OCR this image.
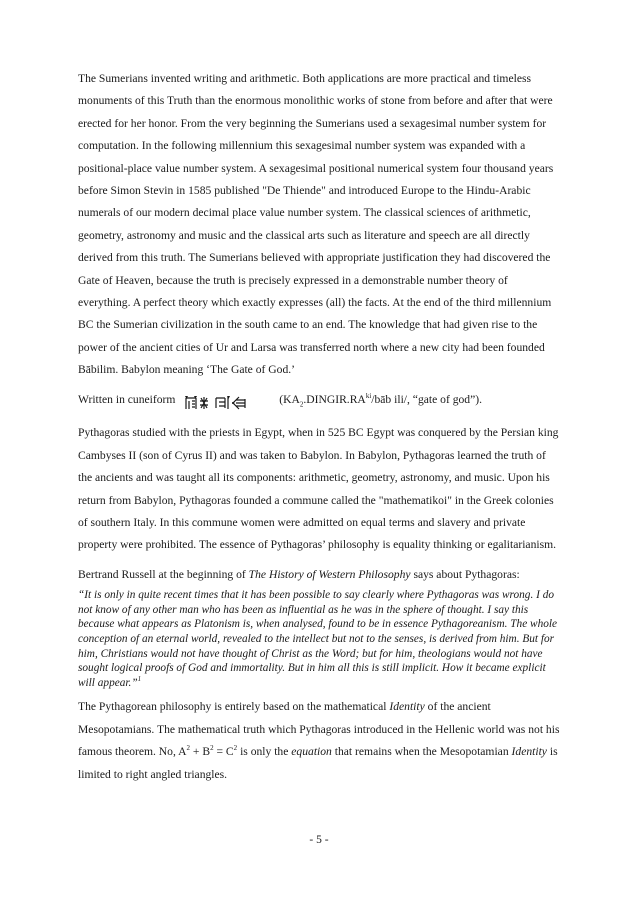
The Sumerians invented writing and arithmetic. Both applications are more practical and timeless monuments of this Truth than the enormous monolithic works of stone from before and after that were erected for her honor. From the very beginning the Sumerians used a sexagesimal number system for computation. In the following millennium this sexagesimal number system was expanded with a positional-place value number system. A sexagesimal positional numerical system four thousand years before Simon Stevin in 1585 published "De Thiende" and introduced Europe to the Hindu-Arabic numerals of our modern decimal place value number system. The classical sciences of arithmetic, geometry, astronomy and music and the classical arts such as literature and speech are all directly derived from this truth. The Sumerians believed with appropriate justification they had discovered the Gate of Heaven, because the truth is precisely expressed in a demonstrable number theory of everything. A perfect theory which exactly expresses (all) the facts. At the end of the third millennium BC the Sumerian civilization in the south came to an end. The knowledge that had given rise to the power of the ancient cities of Ur and Larsa was transferred north where a new city had been founded Bābilim. Babylon meaning ‘The Gate of God.’

Written in cuneiform	($KA_2.DINGIR.RA^{ki}$/bāb ili/, “gate of god”).

Pythagoras studied with the priests in Egypt, when in 525 BC Egypt was conquered by the Persian king Cambyses II (son of Cyrus II) and was taken to Babylon. In Babylon, Pythagoras learned the truth of the ancients and was taught all its components: arithmetic, geometry, astronomy, and music. Upon his return from Babylon, Pythagoras founded a commune called the "mathematikoi" in the Greek colonies of southern Italy. In this commune women were admitted on equal terms and slavery and private property were prohibited. The essence of Pythagoras’ philosophy is equality thinking or egalitarianism.

Bertrand Russell at the beginning of The History of Western Philosophy says about Pythagoras:

“It is only in quite recent times that it has been possible to say clearly where Pythagoras was wrong. I do not know of any other man who has been as influential as he was in the sphere of thought. I say this because what appears as Platonism is, when analysed, found to be in essence Pythagoreanism. The whole conception of an eternal world, revealed to the intellect but not to the senses, is derived from him. But for him, Christians would not have thought of Christ as the Word; but for him, theologians would not have sought logical proofs of God and immortality. But in him all this is still implicit. How it became explicit will appear.”$^1$

The Pythagorean philosophy is entirely based on the mathematical Identity of the ancient Mesopotamians. The mathematical truth which Pythagoras introduced in the Hellenic world was not his famous theorem. No, $A^2 + B^2 = C^2$ is only the equation that remains when the Mesopotamian Identity is limited to right angled triangles.

- 5 -
